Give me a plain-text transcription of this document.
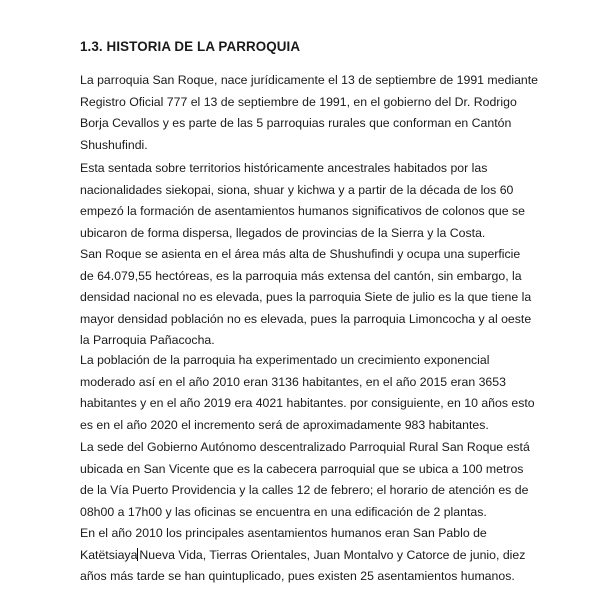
1.3. HISTORIA DE LA PARROQUIA

La parroquia San Roque, nace jurídicamente el 13 de septiembre de 1991 mediante
Registro Oficial 777 el 13 de septiembre de 1991, en el gobierno del Dr. Rodrigo
Borja Cevallos y es parte de las 5 parroquias rurales que conforman en Cantón
Shushufindi.

Esta sentada sobre territorios históricamente ancestrales habitados por las
nacionalidades siekopai, siona, shuar y kichwa y a partir de la década de los 60
empezó la formación de asentamientos humanos significativos de colonos que se
ubicaron de forma dispersa, llegados de provincias de la Sierra y la Costa.

San Roque se asienta en el área más alta de Shushufindi y ocupa una superficie
de 64.079,55 hectóreas, es la parroquia más extensa del cantón, sin embargo, la
densidad nacional no es elevada, pues la parroquia Siete de julio es la que tiene la
mayor densidad población no es elevada, pues la parroquia Limoncocha y al oeste
la Parroquia Pañacocha.

La población de la parroquia ha experimentado un crecimiento exponencial
moderado así en el año 2010 eran 3136 habitantes, en el año 2015 eran 3653
habitantes y en el año 2019 era 4021 habitantes. por consiguiente, en 10 años esto
es en el año 2020 el incremento será de aproximadamente 983 habitantes.

La sede del Gobierno Autónomo descentralizado Parroquial Rural San Roque está
ubicada en San Vicente que es la cabecera parroquial que se ubica a 100 metros
de la Vía Puerto Providencia y la calles 12 de febrero; el horario de atención es de
08h00 a 17h00 y las oficinas se encuentra en una edificación de 2 plantas.

En el año 2010 los principales asentamientos humanos eran San Pablo de
Katëtsiaya Nueva Vida, Tierras Orientales, Juan Montalvo y Catorce de junio, diez
años más tarde se han quintuplicado, pues existen 25 asentamientos humanos.
